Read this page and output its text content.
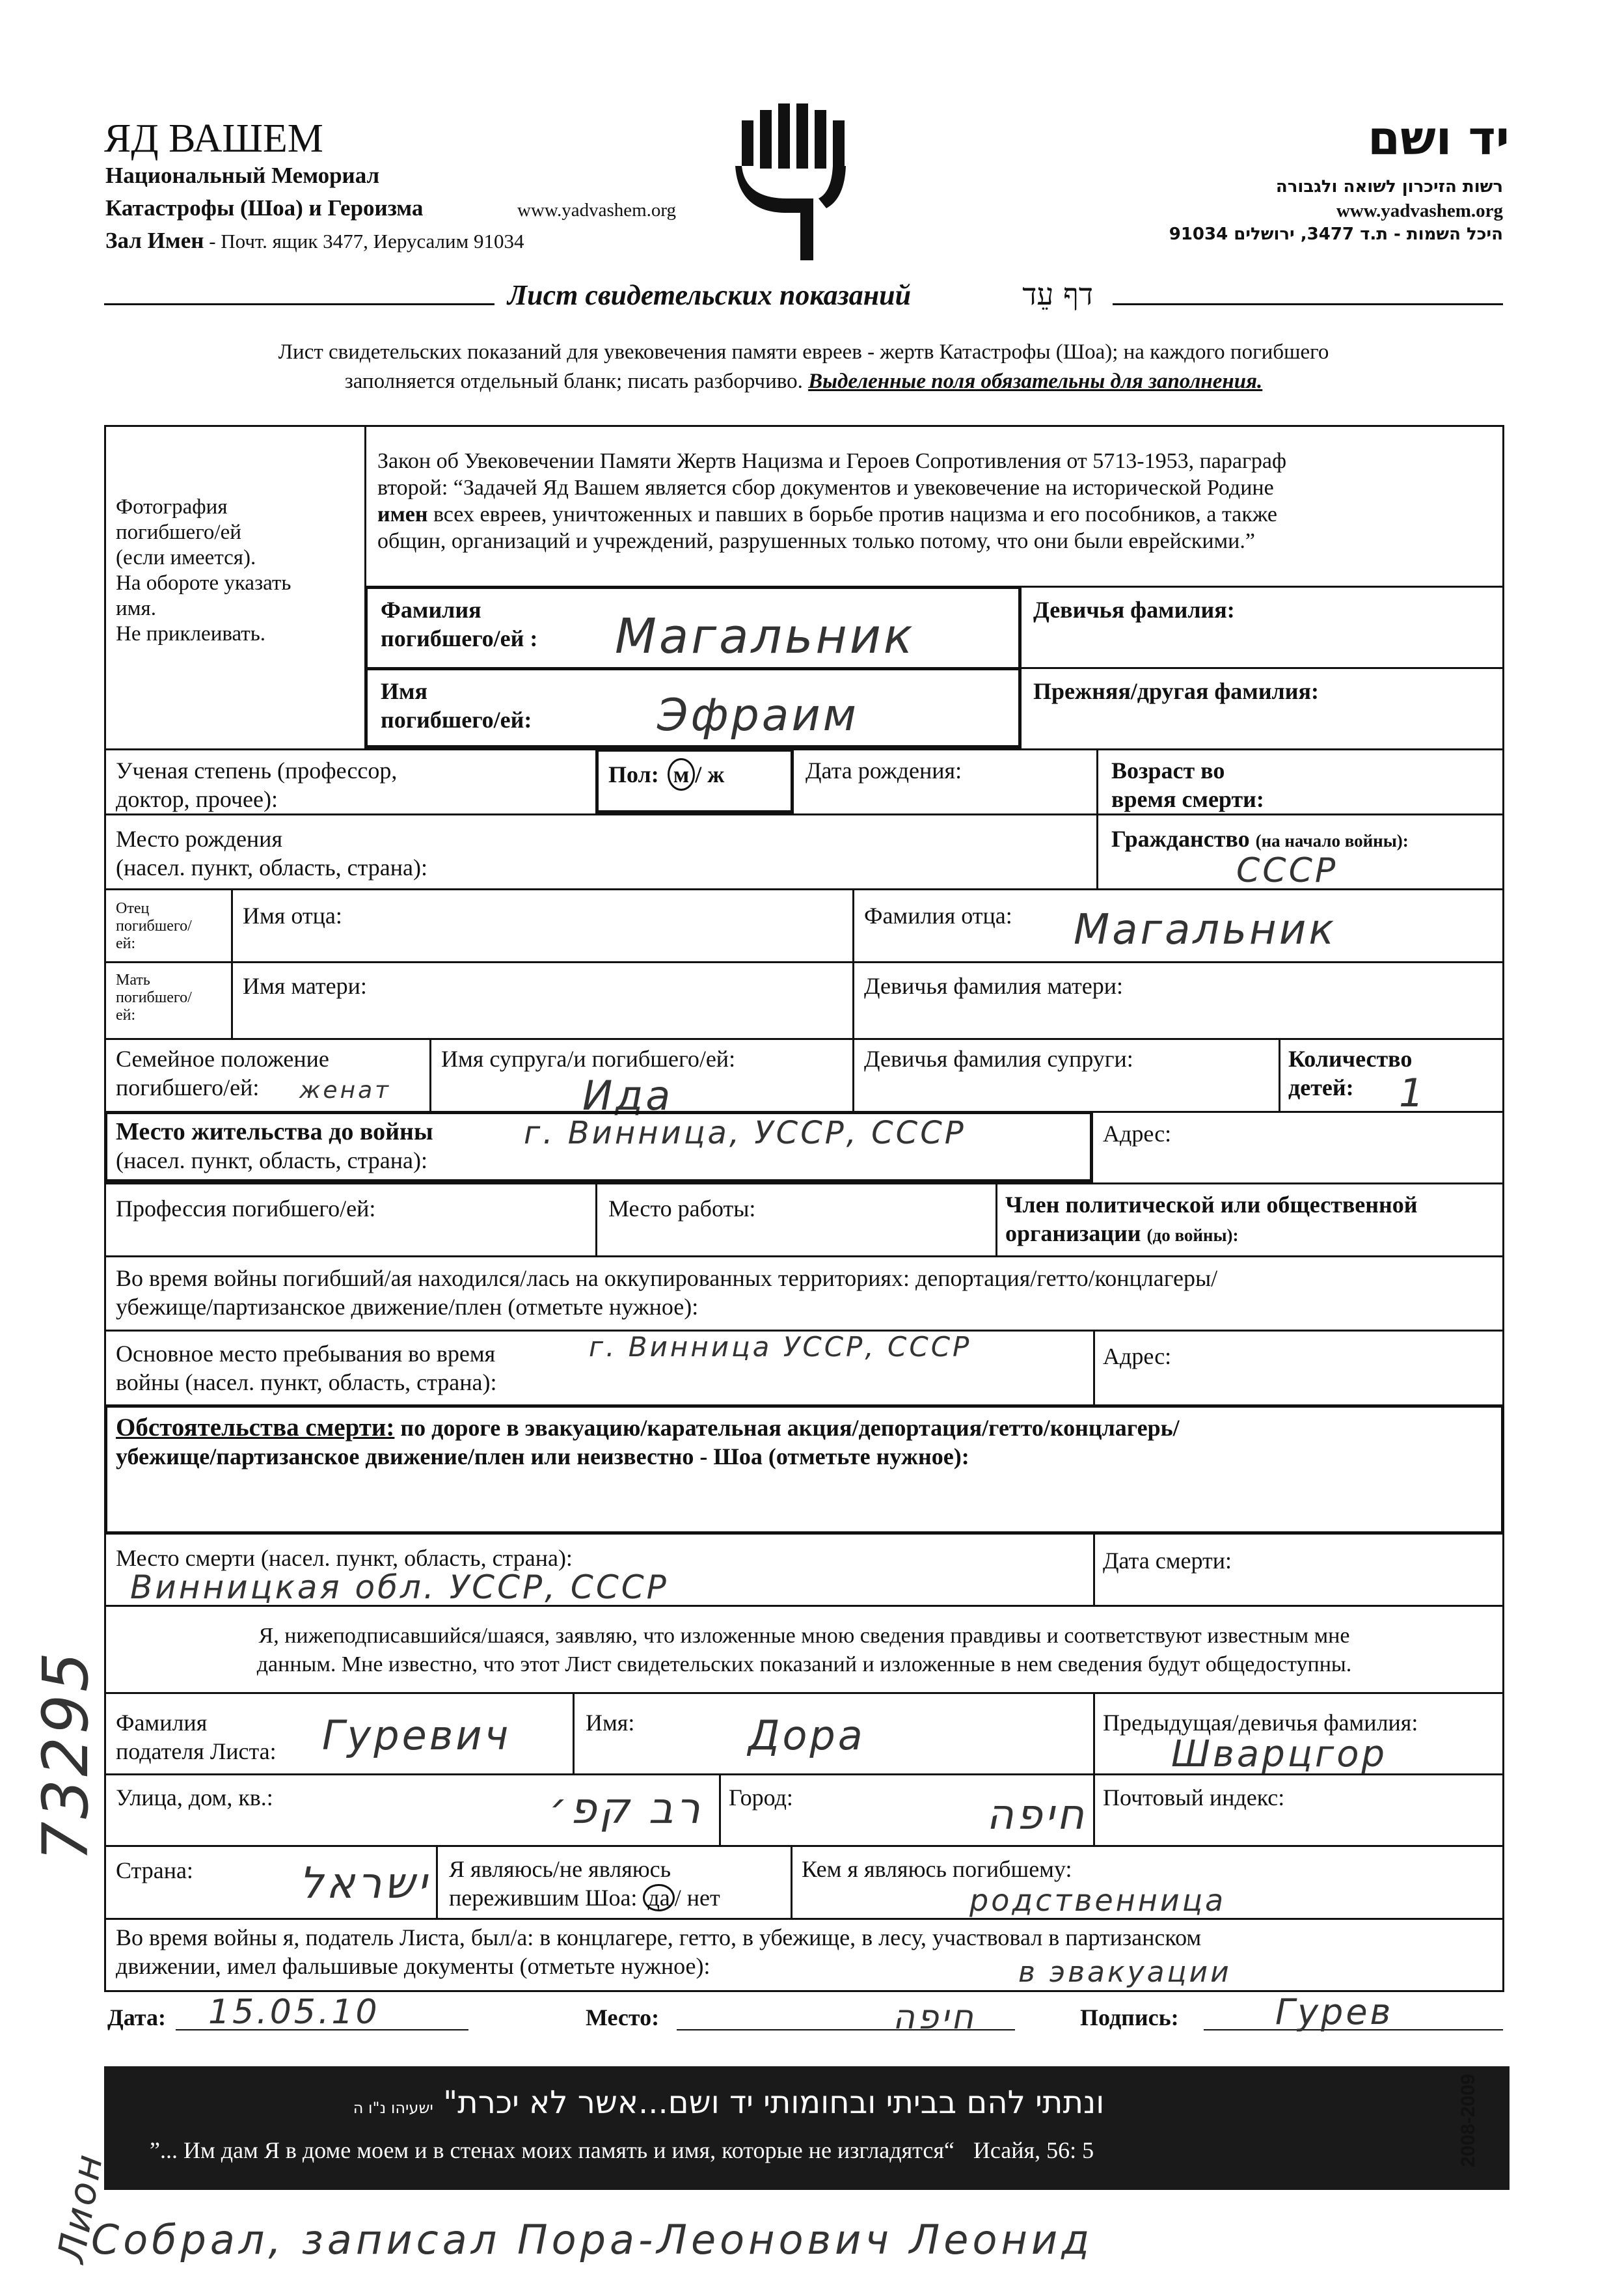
ЯД ВАШЕМ
Национальный Мемориал
Катастрофы (Шоа) и Героизма	www.yadvashem.org
Зал Имен - Почт. ящик 3477, Иерусалим 91034
יד ושם
רשות הזיכרון לשואה ולגבורה
www.yadvashem.org
היכל השמות - ת.ד 3477, ירושלים 91034
Лист свидетельских показаний	דף עֵד
Лист свидетельских показаний для увековечения памяти евреев - жертв Катастрофы (Шоа); на каждого погибшего
заполняется отдельный бланк; писать разборчиво. Выделенные поля обязательны для заполнения.
Фотография
погибшего/ей
(если имеется).
На обороте указать
имя.
Не приклеивать.
Закон об Увековечении Памяти Жертв Нацизма и Героев Сопротивления от 5713-1953, параграф
второй: “Задачей Яд Вашем является сбор документов и увековечение на исторической Родине
имен всех евреев, уничтоженных и павших в борьбе против нацизма и его пособников, а также
общин, организаций и учреждений, разрушенных только потому, что они были еврейскими.”
Фамилия
погибшего/ей : Магальник	Девичья фамилия:
Имя
погибшего/ей:	Эфраим	Прежняя/другая фамилия:
Ученая степень (профессор,
доктор, прочее):
Пол: м / ж	Дата рождения:	Возраст во
время смерти:
Место рождения
(насел. пункт, область, страна):
Гражданство (на начало войны):
СССР
Отец
погибшего/
ей:
Имя отца:	Фамилия отца: Магальник
Мать
погибшего/
ей:
Имя матери:	Девичья фамилия матери:
Семейное положение
погибшего/ей:	женат
Имя супруга/и погибшего/ей:
Ида
Девичья фамилия супруги:	Количество
детей:	1
Место жительства до войны
(насел. пункт, область, страна):
г. Винница, УССР, СССР	Адрес:
Профессия погибшего/ей:	Место работы:	Член политической или общественной
организации (до войны):
Во время войны погибший/ая находился/лась на оккупированных территориях: депортация/гетто/концлагеры/
убежище/партизанское движение/плен (отметьте нужное):
Основное место пребывания во время
войны (насел. пункт, область, страна):
г. Винница УССР, СССР	Адрес:
Обстоятельства смерти: по дороге в эвакуацию/карательная акция/депортация/гетто/концлагерь/
убежище/партизанское движение/плен или неизвестно - Шоа (отметьте нужное):
Место смерти (насел. пункт, область, страна):
Винницкая обл. УССР, СССР
Дата смерти:
Я, нижеподписавшийся/шаяся, заявляю, что изложенные мною сведения правдивы и соответствуют известным мне
данным. Мне известно, что этот Лист свидетельских показаний и изложенные в нем сведения будут общедоступны.
Фамилия
подателя Листа: Гуревич	Имя:	Дора	Предыдущая/девичья фамилия:
Шварцгор
Улица, дом, кв.:	רב קפ׳ Город:	חיפה Почтовый индекс:
Страна:	ישראל Я являюсь/не являюсь
пережившим Шоа: да / нет
Кем я являюсь погибшему:
родственница
Во время войны я, податель Листа, был/а: в концлагере, гетто, в убежище, в лесу, участвовал в партизанском
движении, имел фальшивые документы (отметьте нужное):	в эвакуации
Дата: 15.05.10	Место:	חיפה	Подпись:	Гурев
ונתתי להם בביתי ובחומותי יד ושם...אשר לא יכרת" ישעיהו נ"ו ה
”... Им дам Я в доме моем и в стенах моих память и имя, которые не изгладятся“ Исайя, 56: 5	2008-2009
73295
Лион
Собрал, записал Пора-Леонович Леонид
